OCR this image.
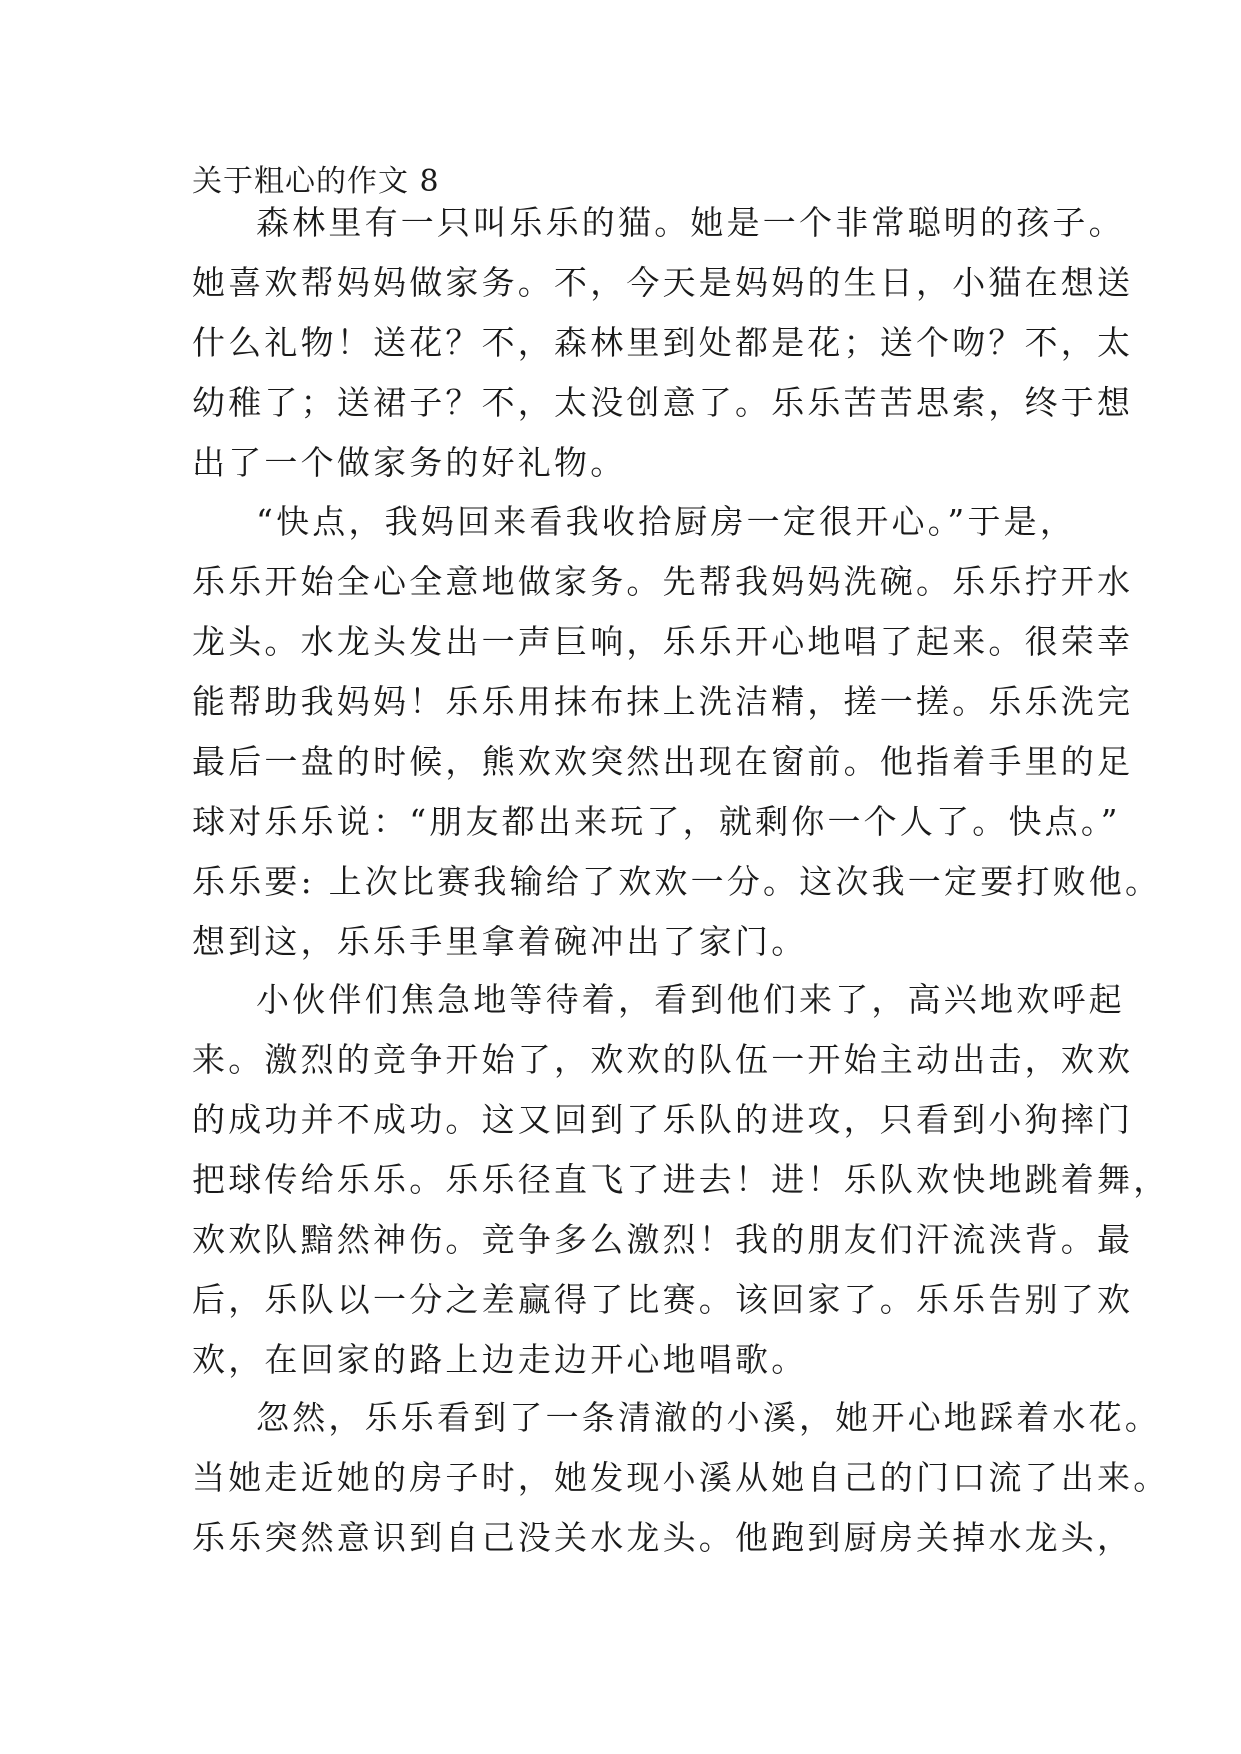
关于粗心的作文 8
森林里有一只叫乐乐的猫。她是一个非常聪明的孩子。
她喜欢帮妈妈做家务。不，今天是妈妈的生日，小猫在想送
什么礼物！送花？不，森林里到处都是花；送个吻？不，太
幼稚了；送裙子？不，太没创意了。乐乐苦苦思索，终于想
出了一个做家务的好礼物。
“快点，我妈回来看我收拾厨房一定很开心。”于是，
乐乐开始全心全意地做家务。先帮我妈妈洗碗。乐乐拧开水
龙头。水龙头发出一声巨响，乐乐开心地唱了起来。很荣幸
能帮助我妈妈！乐乐用抹布抹上洗洁精，搓一搓。乐乐洗完
最后一盘的时候，熊欢欢突然出现在窗前。他指着手里的足
球对乐乐说：“朋友都出来玩了，就剩你一个人了。快点。”
乐乐要: 上次比赛我输给了欢欢一分。这次我一定要打败他。
想到这，乐乐手里拿着碗冲出了家门。
小伙伴们焦急地等待着，看到他们来了，高兴地欢呼起
来。激烈的竞争开始了，欢欢的队伍一开始主动出击，欢欢
的成功并不成功。这又回到了乐队的进攻，只看到小狗摔门
把球传给乐乐。乐乐径直飞了进去！进！乐队欢快地跳着舞，
欢欢队黯然神伤。竞争多么激烈！我的朋友们汗流浃背。最
后，乐队以一分之差赢得了比赛。该回家了。乐乐告别了欢
欢，在回家的路上边走边开心地唱歌。
忽然，乐乐看到了一条清澈的小溪，她开心地踩着水花。
当她走近她的房子时，她发现小溪从她自己的门口流了出来。
乐乐突然意识到自己没关水龙头。他跑到厨房关掉水龙头，
